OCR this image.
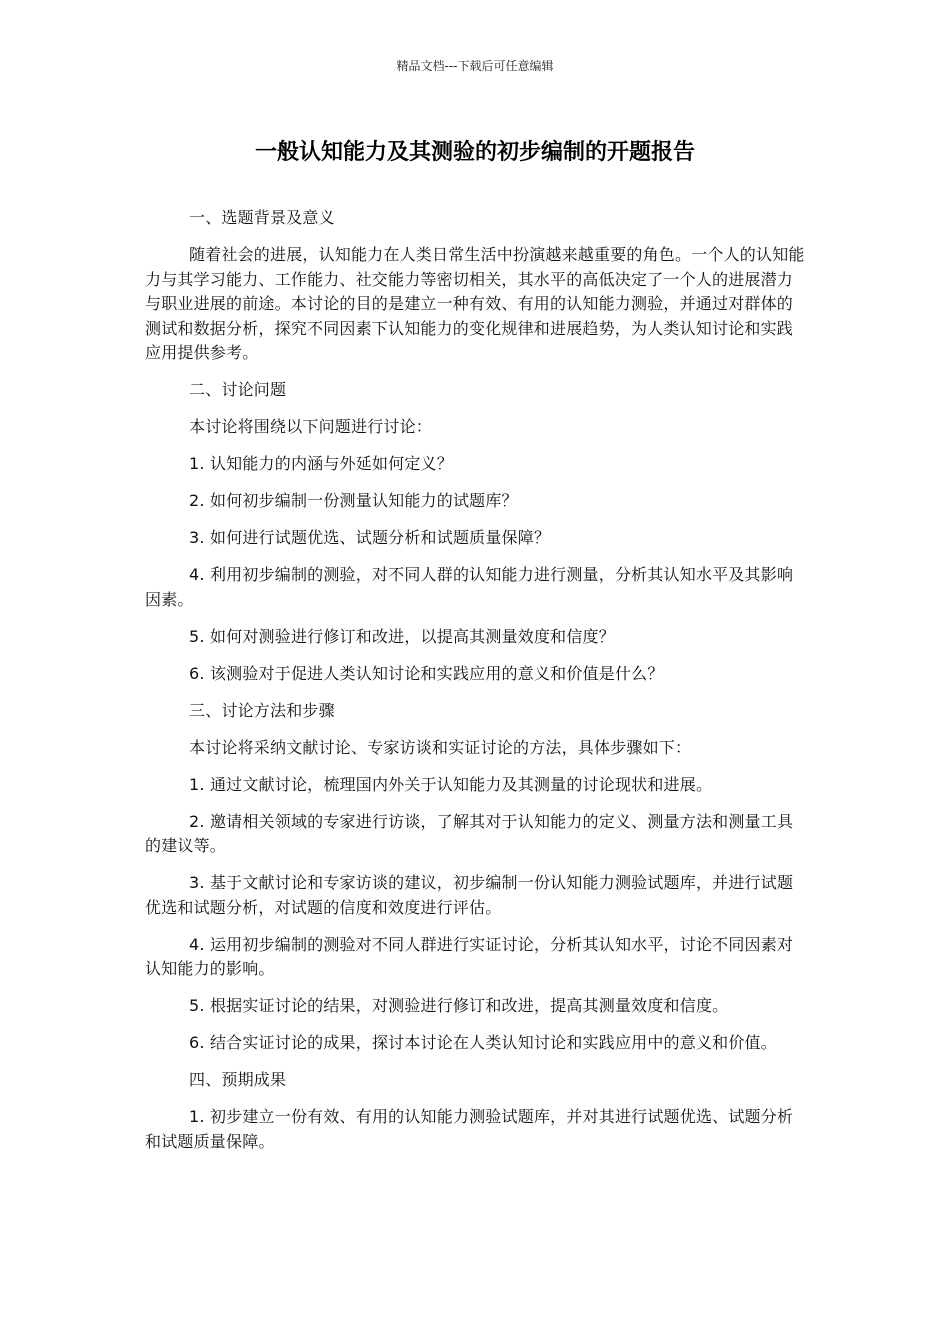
精品文档---下载后可任意编辑
一般认知能力及其测验的初步编制的开题报告

一、选题背景及意义

随着社会的进展，认知能力在人类日常生活中扮演越来越重要的角色。一个人的认知能力与其学习能力、工作能力、社交能力等密切相关，其水平的高低决定了一个人的进展潜力与职业进展的前途。本讨论的目的是建立一种有效、有用的认知能力测验，并通过对群体的测试和数据分析，探究不同因素下认知能力的变化规律和进展趋势，为人类认知讨论和实践应用提供参考。

二、讨论问题

本讨论将围绕以下问题进行讨论：

1. 认知能力的内涵与外延如何定义？

2. 如何初步编制一份测量认知能力的试题库？

3. 如何进行试题优选、试题分析和试题质量保障？

4. 利用初步编制的测验，对不同人群的认知能力进行测量，分析其认知水平及其影响因素。

5. 如何对测验进行修订和改进，以提高其测量效度和信度？

6. 该测验对于促进人类认知讨论和实践应用的意义和价值是什么？

三、讨论方法和步骤

本讨论将采纳文献讨论、专家访谈和实证讨论的方法，具体步骤如下：

1. 通过文献讨论，梳理国内外关于认知能力及其测量的讨论现状和进展。

2. 邀请相关领域的专家进行访谈，了解其对于认知能力的定义、测量方法和测量工具的建议等。

3. 基于文献讨论和专家访谈的建议，初步编制一份认知能力测验试题库，并进行试题优选和试题分析，对试题的信度和效度进行评估。

4. 运用初步编制的测验对不同人群进行实证讨论，分析其认知水平，讨论不同因素对认知能力的影响。

5. 根据实证讨论的结果，对测验进行修订和改进，提高其测量效度和信度。

6. 结合实证讨论的成果，探讨本讨论在人类认知讨论和实践应用中的意义和价值。

四、预期成果

1. 初步建立一份有效、有用的认知能力测验试题库，并对其进行试题优选、试题分析和试题质量保障。
